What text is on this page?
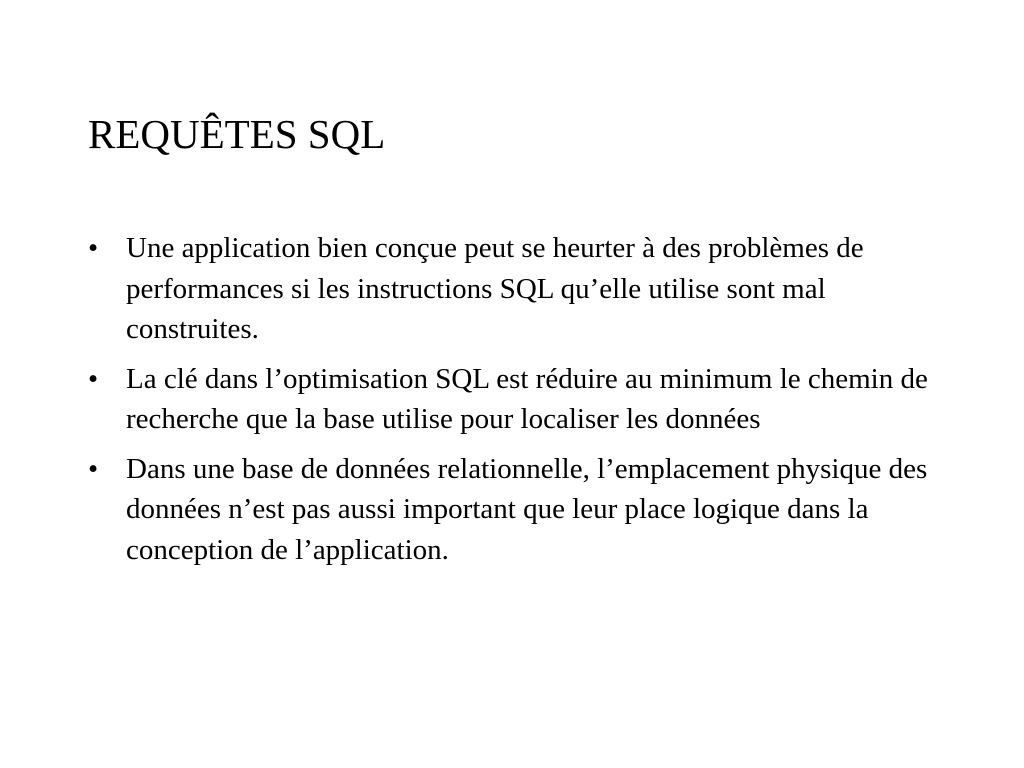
REQUÊTES SQL
• Une application bien conçue peut se heurter à des problèmes de performances si les instructions SQL qu’elle utilise sont mal construites.
• La clé dans l’optimisation SQL est réduire au minimum le chemin de recherche que la base utilise pour localiser les données
• Dans une base de données relationnelle, l’emplacement physique des données n’est pas aussi important que leur place logique dans la conception de l’application.
